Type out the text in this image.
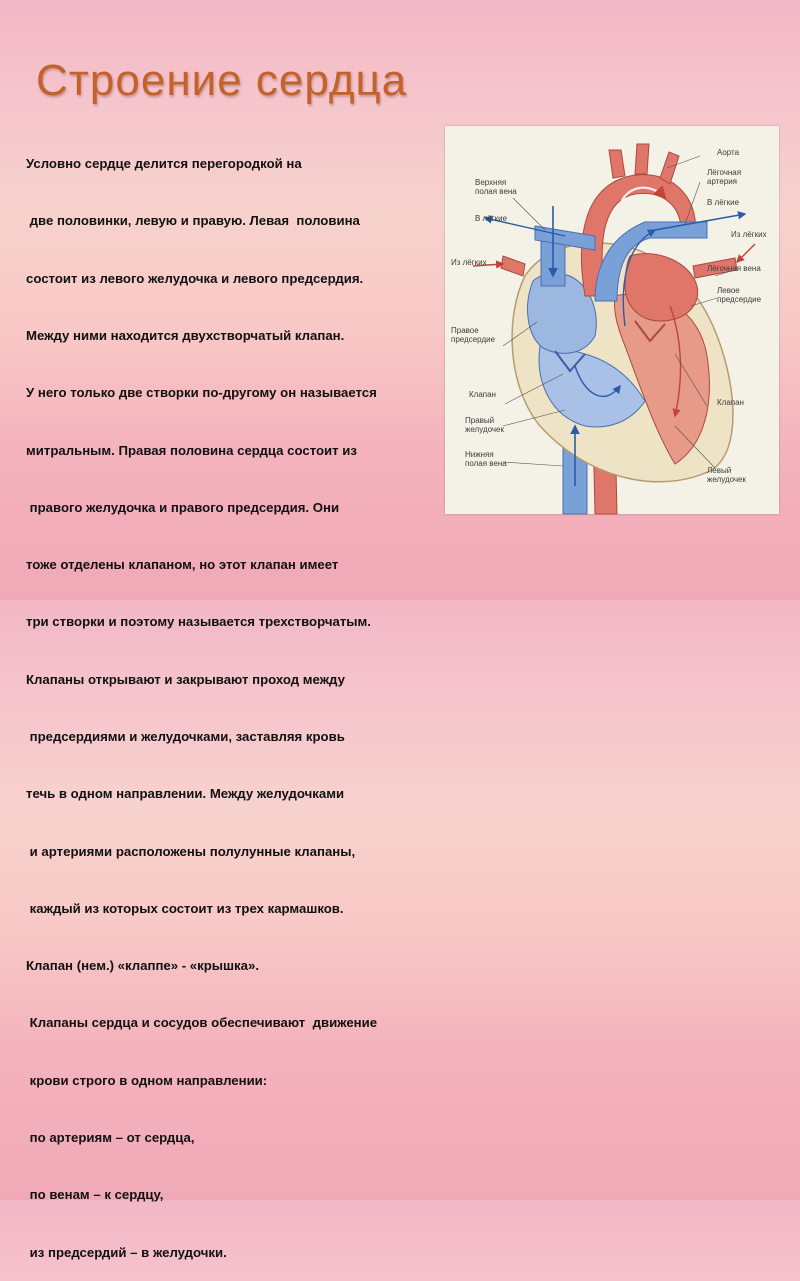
Строение сердца

Условно сердце делится перегородкой на

две половинки, левую и правую. Левая  половина

состоит из левого желудочка и левого предсердия.

Между ними находится двухстворчатый клапан.

У него только две створки по-другому он называется

митральным. Правая половина сердца состоит из

правого желудочка и правого предсердия. Они

тоже отделены клапаном, но этот клапан имеет

три створки и поэтому называется трехстворчатым.

Клапаны открывают и закрывают проход между

предсердиями и желудочками, заставляя кровь

течь в одном направлении. Между желудочками

и артериями расположены полулунные клапаны,

каждый из которых состоит из трех кармашков.

Клапан (нем.) «клаппе» - «крышка».

Клапаны сердца и сосудов обеспечивают  движение

крови строго в одном направлении:

по артериям – от сердца,

по венам – к сердцу,

из предсердий – в желудочки.

Аорта
Лёгочная
артерия
Верхняя
полая вена
В лёгкие
В лёгкие
Из лёгких
Из лёгких
Лёгочная вена
Левое
предсердие
Правое
предсердие
Клапан
Клапан
Правый
желудочек
Нижняя
полая вена
Левый
желудочек
